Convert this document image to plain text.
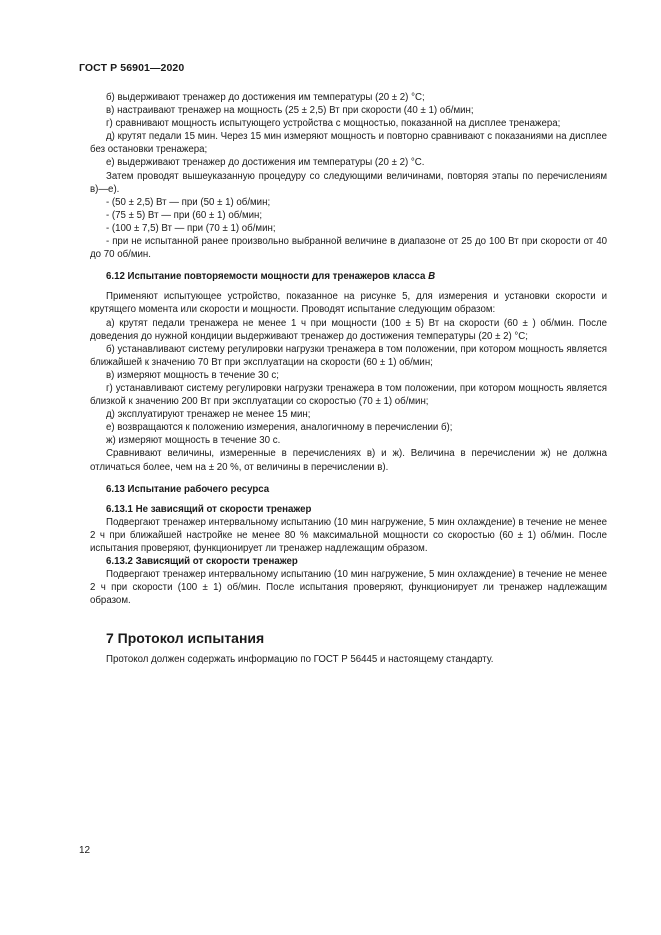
ГОСТ Р 56901—2020

б) выдерживают тренажер до достижения им температуры (20 ± 2) °С;

в) настраивают тренажер на мощность (25 ± 2,5) Вт при скорости (40 ± 1) об/мин;

г) сравнивают мощность испытующего устройства с мощностью, показанной на дисплее тренажера;

д) крутят педали 15 мин. Через 15 мин измеряют мощность и повторно сравнивают с показаниями на дисплее без остановки тренажера;

е) выдерживают тренажер до достижения им температуры (20 ± 2) °С.

Затем проводят вышеуказанную процедуру со следующими величинами, повторяя этапы по перечислениям в)—е).

- (50 ± 2,5) Вт — при (50 ± 1) об/мин;

- (75 ± 5) Вт — при (60 ± 1) об/мин;

- (100 ± 7,5) Вт — при (70 ± 1) об/мин;

- при не испытанной ранее произвольно выбранной величине в диапазоне от 25 до 100 Вт при скорости от 40 до 70 об/мин.

6.12 Испытание повторяемости мощности для тренажеров класса В

Применяют испытующее устройство, показанное на рисунке 5, для измерения и установки скорости и крутящего момента или скорости и мощности. Проводят испытание следующим образом:

а) крутят педали тренажера не менее 1 ч при мощности (100 ± 5) Вт на скорости (60 ± ) об/мин. После доведения до нужной кондиции выдерживают тренажер до достижения температуры (20 ± 2) °С;

б) устанавливают систему регулировки нагрузки тренажера в том положении, при котором мощность является ближайшей к значению 70 Вт при эксплуатации на скорости (60 ± 1) об/мин;

в) измеряют мощность в течение 30 с;

г) устанавливают систему регулировки нагрузки тренажера в том положении, при котором мощность является близкой к значению 200 Вт при эксплуатации со скоростью (70 ± 1) об/мин;

д) эксплуатируют тренажер не менее 15 мин;

е) возвращаются к положению измерения, аналогичному в перечислении б);

ж) измеряют мощность в течение 30 с.

Сравнивают величины, измеренные в перечислениях в) и ж). Величина в перечислении ж) не должна отличаться более, чем на ± 20 %, от величины в перечислении в).

6.13 Испытание рабочего ресурса

6.13.1 Не зависящий от скорости тренажер

Подвергают тренажер интервальному испытанию (10 мин нагружение, 5 мин охлаждение) в течение не менее 2 ч при ближайшей настройке не менее 80 % максимальной мощности со скоростью (60 ± 1) об/мин. После испытания проверяют, функционирует ли тренажер надлежащим образом.

6.13.2 Зависящий от скорости тренажер

Подвергают тренажер интервальному испытанию (10 мин нагружение, 5 мин охлаждение) в течение не менее 2 ч при скорости (100 ± 1) об/мин. После испытания проверяют, функционирует ли тренажер надлежащим образом.

7 Протокол испытания

Протокол должен содержать информацию по ГОСТ Р 56445 и настоящему стандарту.

12
